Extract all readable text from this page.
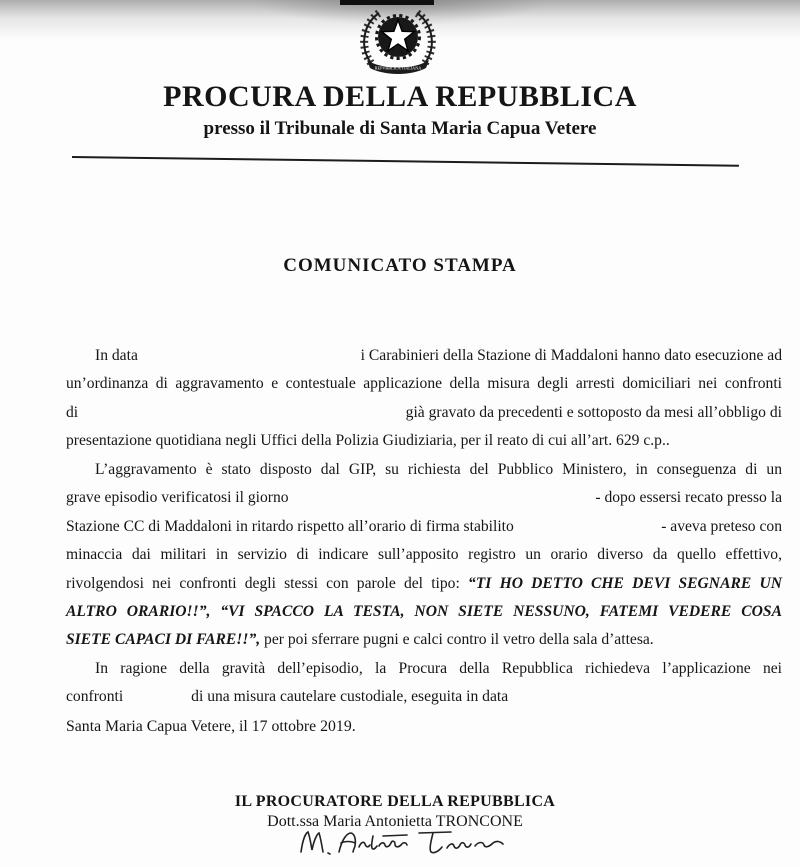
REPVBBLICA ITALIANA
PROCURA DELLA REPUBBLICA
presso il Tribunale di Santa Maria Capua Vetere
COMUNICATO STAMPA
In data	i Carabinieri della Stazione di Maddaloni hanno dato esecuzione ad
un’ordinanza di aggravamento e contestuale applicazione della misura degli arresti domiciliari nei confronti
di	già gravato da precedenti e sottoposto da mesi all’obbligo di
presentazione quotidiana negli Uffici della Polizia Giudiziaria, per il reato di cui all’art. 629 c.p..
L’aggravamento è stato disposto dal GIP, su richiesta del Pubblico Ministero, in conseguenza di un
grave episodio verificatosi il giorno	- dopo essersi recato presso la
Stazione CC di Maddaloni in ritardo rispetto all’orario di firma stabilito	- aveva preteso con
minaccia dai militari in servizio di indicare sull’apposito registro un orario diverso da quello effettivo,
rivolgendosi nei confronti degli stessi con parole del tipo: “TI HO DETTO CHE DEVI SEGNARE UN
ALTRO ORARIO!!”, “VI SPACCO LA TESTA, NON SIETE NESSUNO, FATEMI VEDERE COSA
SIETE CAPACI DI FARE!!”, per poi sferrare pugni e calci contro il vetro della sala d’attesa.
In ragione della gravità dell’episodio, la Procura della Repubblica richiedeva l’applicazione nei
confronti	di una misura cautelare custodiale, eseguita in data
Santa Maria Capua Vetere, il 17 ottobre 2019.
IL PROCURATORE DELLA REPUBBLICA
Dott.ssa Maria Antonietta TRONCONE
